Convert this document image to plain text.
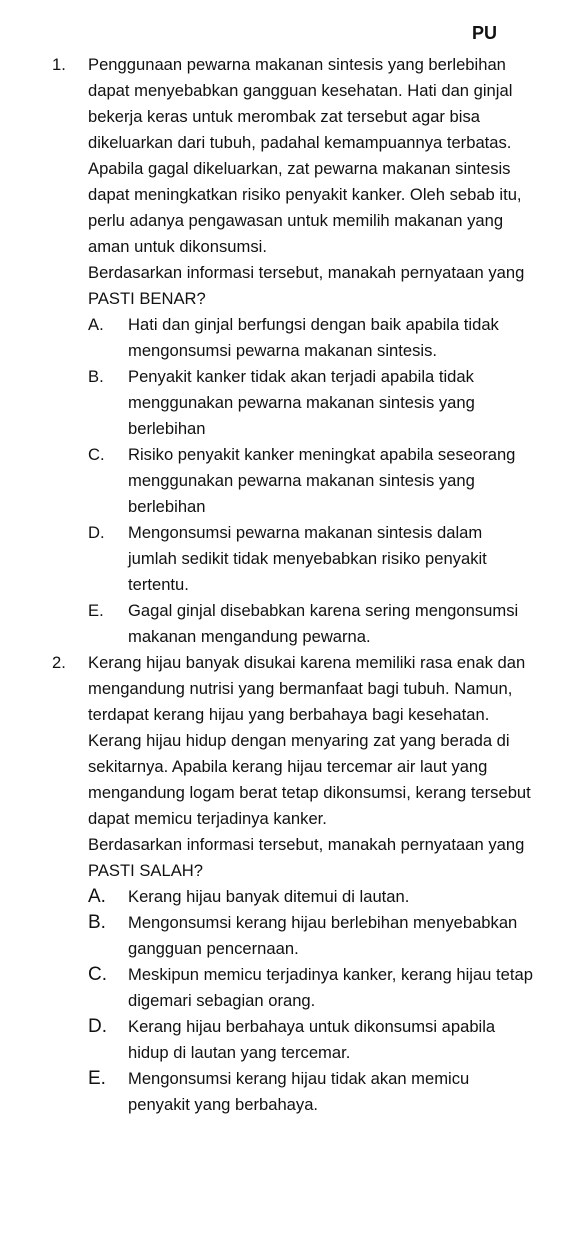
PU
1. Penggunaan pewarna makanan sintesis yang berlebihan dapat menyebabkan gangguan kesehatan. Hati dan ginjal bekerja keras untuk merombak zat tersebut agar bisa dikeluarkan dari tubuh, padahal kemampuannya terbatas. Apabila gagal dikeluarkan, zat pewarna makanan sintesis dapat meningkatkan risiko penyakit kanker. Oleh sebab itu, perlu adanya pengawasan untuk memilih makanan yang aman untuk dikonsumsi.

Berdasarkan informasi tersebut, manakah pernyataan yang PASTI BENAR?

A. Hati dan ginjal berfungsi dengan baik apabila tidak mengonsumsi pewarna makanan sintesis.
B. Penyakit kanker tidak akan terjadi apabila tidak menggunakan pewarna makanan sintesis yang berlebihan
C. Risiko penyakit kanker meningkat apabila seseorang menggunakan pewarna makanan sintesis yang berlebihan
D. Mengonsumsi pewarna makanan sintesis dalam jumlah sedikit tidak menyebabkan risiko penyakit tertentu.
E. Gagal ginjal disebabkan karena sering mengonsumsi makanan mengandung pewarna.
2. Kerang hijau banyak disukai karena memiliki rasa enak dan mengandung nutrisi yang bermanfaat bagi tubuh. Namun, terdapat kerang hijau yang berbahaya bagi kesehatan. Kerang hijau hidup dengan menyaring zat yang berada di sekitarnya. Apabila kerang hijau tercemar air laut yang mengandung logam berat tetap dikonsumsi, kerang tersebut dapat memicu terjadinya kanker.

Berdasarkan informasi tersebut, manakah pernyataan yang PASTI SALAH?

A. Kerang hijau banyak ditemui di lautan.
B. Mengonsumsi kerang hijau berlebihan menyebabkan gangguan pencernaan.
C. Meskipun memicu terjadinya kanker, kerang hijau tetap digemari sebagian orang.
D. Kerang hijau berbahaya untuk dikonsumsi apabila hidup di lautan yang tercemar.
E. Mengonsumsi kerang hijau tidak akan memicu penyakit yang berbahaya.
